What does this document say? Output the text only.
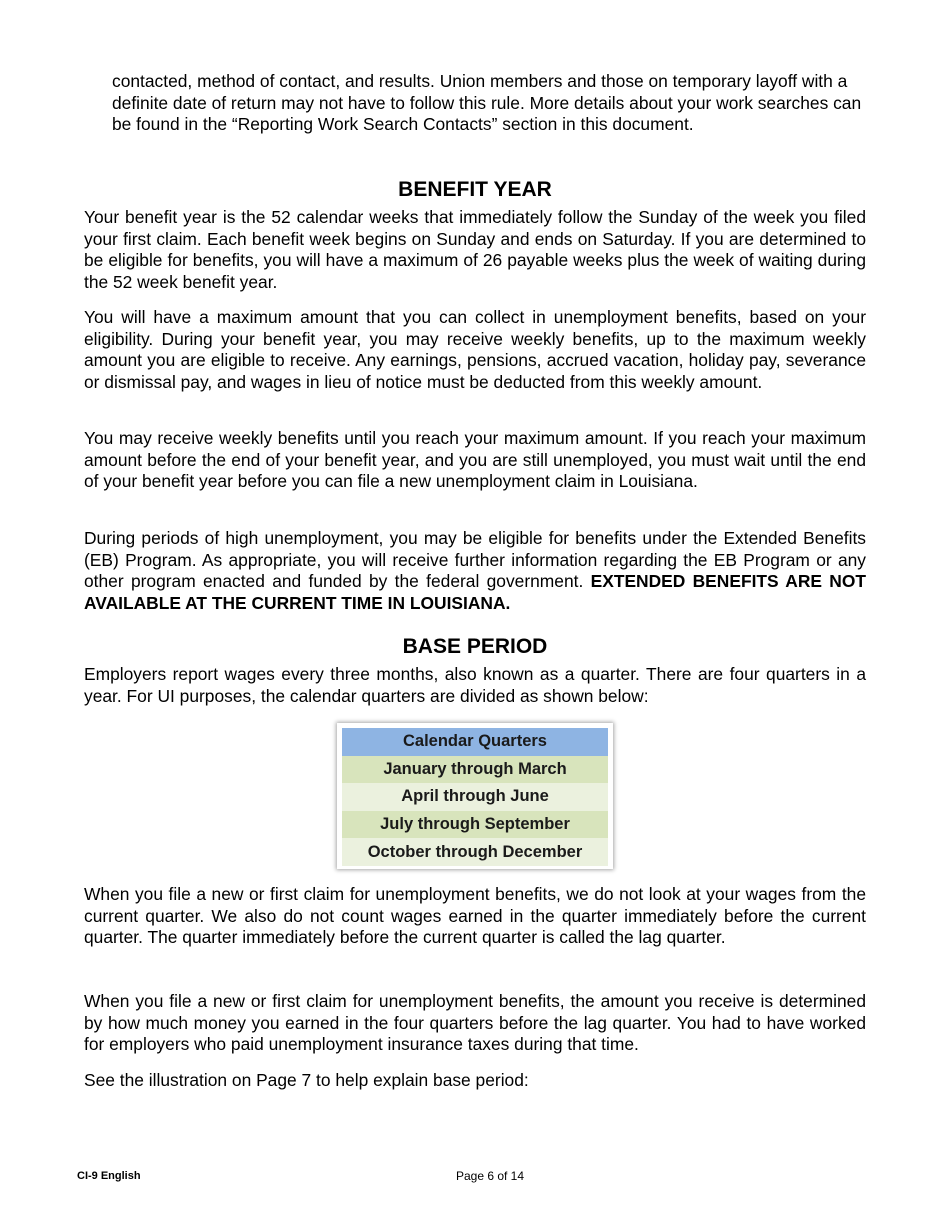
contacted, method of contact, and results. Union members and those on temporary layoff with a definite date of return may not have to follow this rule. More details about your work searches can be found in the “Reporting Work Search Contacts” section in this document.

BENEFIT YEAR

Your benefit year is the 52 calendar weeks that immediately follow the Sunday of the week you filed your first claim. Each benefit week begins on Sunday and ends on Saturday. If you are determined to be eligible for benefits, you will have a maximum of 26 payable weeks plus the week of waiting during the 52 week benefit year.

You will have a maximum amount that you can collect in unemployment benefits, based on your eligibility. During your benefit year, you may receive weekly benefits, up to the maximum weekly amount you are eligible to receive. Any earnings, pensions, accrued vacation, holiday pay, severance or dismissal pay, and wages in lieu of notice must be deducted from this weekly amount.

You may receive weekly benefits until you reach your maximum amount. If you reach your maximum amount before the end of your benefit year, and you are still unemployed, you must wait until the end of your benefit year before you can file a new unemployment claim in Louisiana.

During periods of high unemployment, you may be eligible for benefits under the Extended Benefits (EB) Program. As appropriate, you will receive further information regarding the EB Program or any other program enacted and funded by the federal government. EXTENDED BENEFITS ARE NOT AVAILABLE AT THE CURRENT TIME IN LOUISIANA.

BASE PERIOD

Employers report wages every three months, also known as a quarter. There are four quarters in a year. For UI purposes, the calendar quarters are divided as shown below:

Calendar Quarters
January through March
April through June
July through September
October through December

When you file a new or first claim for unemployment benefits, we do not look at your wages from the current quarter. We also do not count wages earned in the quarter immediately before the current quarter. The quarter immediately before the current quarter is called the lag quarter.

When you file a new or first claim for unemployment benefits, the amount you receive is determined by how much money you earned in the four quarters before the lag quarter. You had to have worked for employers who paid unemployment insurance taxes during that time.

See the illustration on Page 7 to help explain base period:

CI-9 English	Page 6 of 14
